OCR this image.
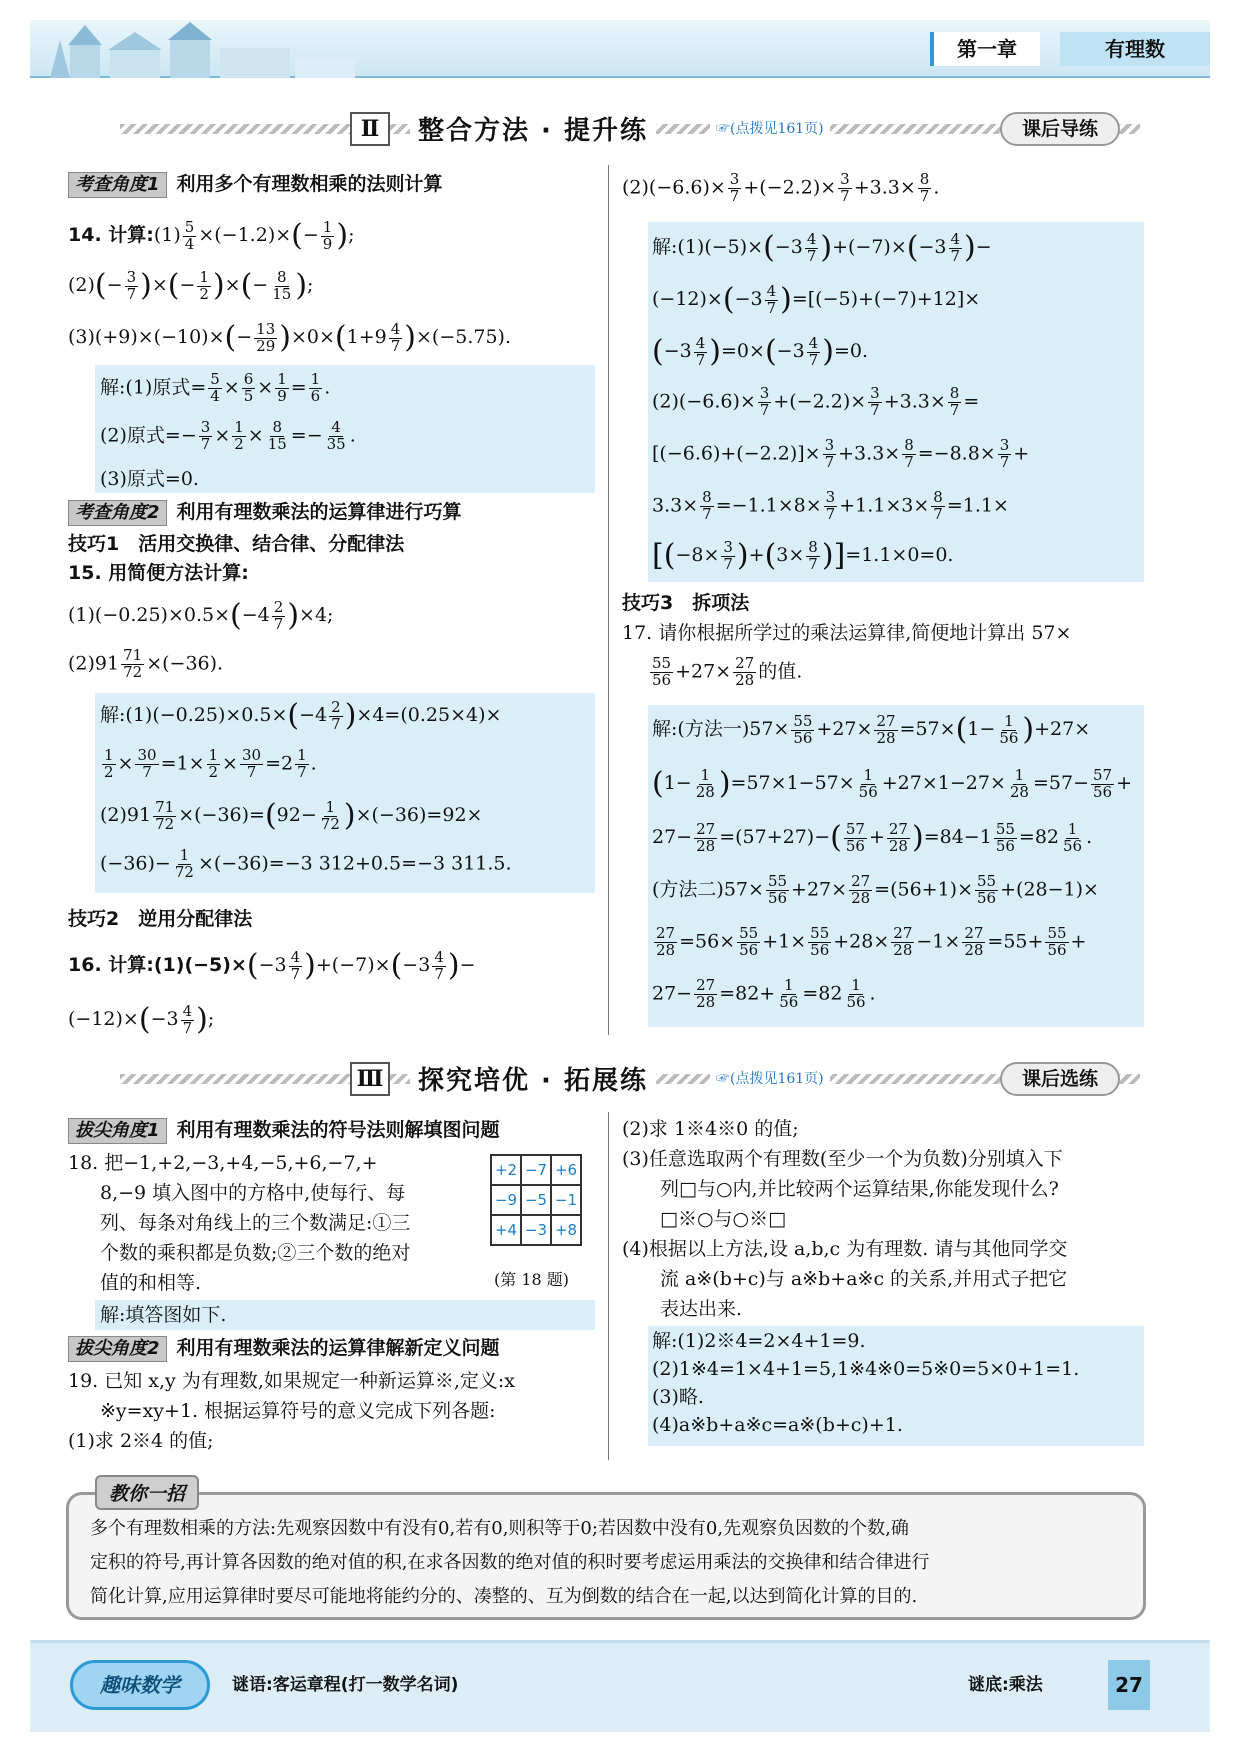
第一章	有理数
Ⅱ	整合方法 · 提升练	☞(点拨见161页)	课后导练
考查角度1 利用多个有理数相乘的法则计算
14. 计算:(1) $\frac{5}{4} \times(-1.2)\times(- \frac{1}{9}$ );
$(2)(- \frac{3}{7}$ )×(− $\frac{1}{2}$ )×(− $\frac{8}{15}$ );
$(3)(+9)\times(-10)\times(- \frac{13}{29} )\times 0\times(1+9 \frac{4}{7} )\times(-5.75)$.
解:(1)原式= $\frac{5}{4} \times \frac{6}{5} \times \frac{1}{9} = \frac{1}{6}$ .
(2)原式=− $\frac{3}{7} \times \frac{1}{2} \times \frac{8}{15} =- \frac{4}{35}$ .
(3)原式=0.
考查角度2 利用有理数乘法的运算律进行巧算
技巧1　活用交换律、结合律、分配律法
15. 用简便方法计算:
$(1)(-0.25)\times 0.5\times(-4 \frac{2}{7} )\times 4$;
$(2)91 \frac{71}{72} \times(-36)$.
解:(1)(−0.25)×0.5×(−4 $\frac{2}{7} )\times 4=(0.25\times 4)\times$
$\frac{1}{2} \times \frac{30}{7} =1\times \frac{1}{2} \times \frac{30}{7} =2 \frac{1}{7}$ .
$(2)91 \frac{71}{72} \times(-36)=(92- \frac{1}{72} )\times(-36)=92\times$
$(-36)- \frac{1}{72} \times(-36)=-3$ 312+0.5=−3 311.5.
技巧2　逆用分配律法
16. 计算:(1)(−5)×(−3 $\frac{4}{7} )+(-7)\times(-3 \frac{4}{7}$ )−
$(-12)\times(-3 \frac{4}{7}$ );
$(2)(-6.6)\times \frac{3}{7} +(-2.2)\times \frac{3}{7} +3.3\times \frac{8}{7}$ .
解:(1)(−5)×(−3 $\frac{4}{7} )+(-7)\times(-3 \frac{4}{7}$ )−
$(-12)\times(-3 \frac{4}{7} )=[(-5)+(-7)+12]\times$
$(-3 \frac{4}{7} )=0\times(-3 \frac{4}{7} )=0$.
$(2)(-6.6)\times \frac{3}{7} +(-2.2)\times \frac{3}{7} +3.3\times \frac{8}{7}$ =
$[(-6.6)+(-2.2)]\times \frac{3}{7} +3.3\times \frac{8}{7} =-8.8\times \frac{3}{7}$ +
$3.3\times \frac{8}{7} =-1.1\times 8\times \frac{3}{7} +1.1\times 3\times \frac{8}{7} =1.1\times$
$[(-8\times \frac{3}{7} )+(3\times \frac{8}{7} )]=1.1\times 0=0$.
技巧3　拆项法
17. 请你根据所学过的乘法运算律,简便地计算出 57×
$\frac{55}{56} +27\times \frac{27}{28}$ 的值.
解:(方法一)$57\times \frac{55}{56} +27\times \frac{27}{28} =57\times(1- \frac{1}{56} )+27\times$
$(1- \frac{1}{28} )=57\times 1-57\times \frac{1}{56} +27\times 1-27\times \frac{1}{28} =57- \frac{57}{56}$ +
$27- \frac{27}{28} =(57+27)-( \frac{57}{56} + \frac{27}{28} )=84-1 \frac{55}{56} =82 \frac{1}{56}$ .
(方法二)$57\times \frac{55}{56} +27\times \frac{27}{28} =(56+1)\times \frac{55}{56} +(28-1)\times$
$\frac{27}{28} =56\times \frac{55}{56} +1\times \frac{55}{56} +28\times \frac{27}{28} -1\times \frac{27}{28} =55+ \frac{55}{56}$ +
$27- \frac{27}{28} =82+ \frac{1}{56} =82 \frac{1}{56}$ .
Ⅲ	探究培优 · 拓展练	☞(点拨见161页)	课后选练
拔尖角度1 利用有理数乘法的符号法则解填图问题
18. 把−1,+2,−3,+4,−5,+6,−7,+
8,−9 填入图中的方格中,使每行、每
列、每条对角线上的三个数满足:①三
个数的乘积都是负数;②三个数的绝对
值的和相等.
+2	−7	+6
−9	−5	−1
+4	−3	+8
(第 18 题)
解:填答图如下.
拔尖角度2 利用有理数乘法的运算律解新定义问题
19. 已知 x,y 为有理数,如果规定一种新运算※,定义:x
※y=xy+1. 根据运算符号的意义完成下列各题:
(1)求 2※4 的值;
(2)求 1※4※0 的值;
(3)任意选取两个有理数(至少一个为负数)分别填入下
　　列□与○内,并比较两个运算结果,你能发现什么?
　　□※○与○※□
(4)根据以上方法,设 a,b,c 为有理数. 请与其他同学交
　　流 a※(b+c)与 a※b+a※c 的关系,并用式子把它
　　表达出来.
解:(1)2※4=2×4+1=9.
(2)1※4=1×4+1=5,1※4※0=5※0=5×0+1=1.
(3)略.
(4)a※b+a※c=a※(b+c)+1.
教你一招
多个有理数相乘的方法:先观察因数中有没有0,若有0,则积等于0;若因数中没有0,先观察负因数的个数,确
定积的符号,再计算各因数的绝对值的积,在求各因数的绝对值的积时要考虑运用乘法的交换律和结合律进行
简化计算,应用运算律时要尽可能地将能约分的、凑整的、互为倒数的结合在一起,以达到简化计算的目的.
趣味数学	谜语:客运章程(打一数学名词)	谜底:乘法	27
